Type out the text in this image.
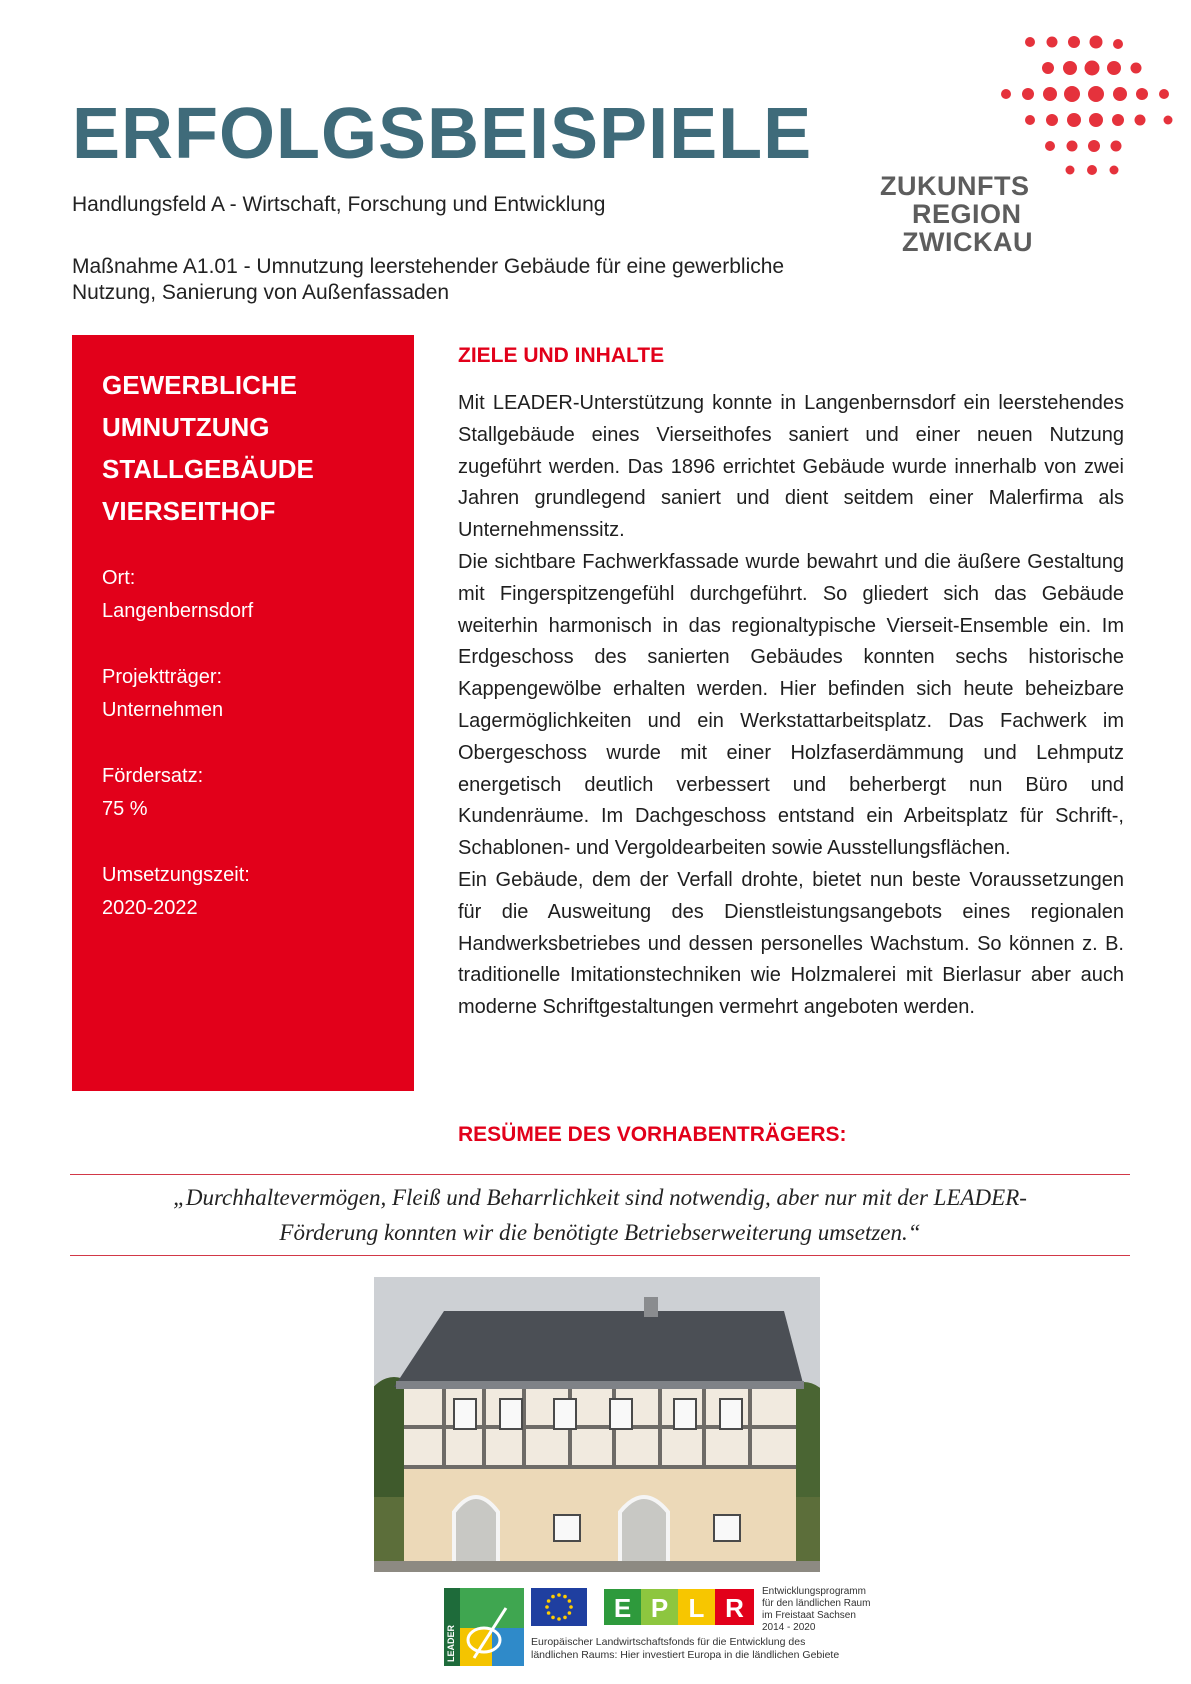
ERFOLGSBEISPIELE
Handlungsfeld A - Wirtschaft, Forschung und Entwicklung
Maßnahme A1.01 - Umnutzung leerstehender Gebäude für eine gewerbliche
Nutzung, Sanierung von Außenfassaden
ZUKUNFTS
REGION
ZWICKAU
GEWERBLICHE
UMNUTZUNG
STALLGEBÄUDE
VIERSEITHOF
Ort:
Langenbernsdorf
Projektträger:
Unternehmen
Fördersatz:
75 %
Umsetzungszeit:
2020-2022
ZIELE UND INHALTE

Mit LEADER-Unterstützung konnte in Langenbernsdorf ein leerstehendes Stallgebäude eines Vierseithofes saniert und einer neuen Nutzung zugeführt werden. Das 1896 errichtet Gebäude wurde innerhalb von zwei Jahren grundlegend saniert und dient seitdem einer Malerfirma als Unternehmenssitz.

Die sichtbare Fachwerkfassade wurde bewahrt und die äußere Gestaltung mit Fingerspitzengefühl durchgeführt. So gliedert sich das Gebäude weiterhin harmonisch in das regionaltypische Vierseit-Ensemble ein. Im Erdgeschoss des sanierten Gebäudes konnten sechs historische Kappengewölbe erhalten werden. Hier befinden sich heute beheizbare Lagermöglichkeiten und ein Werkstattarbeitsplatz. Das Fachwerk im Obergeschoss wurde mit einer Holzfaserdämmung und Lehmputz energetisch deutlich verbessert und beherbergt nun Büro und Kundenräume. Im Dachgeschoss entstand ein Arbeitsplatz für Schrift-, Schablonen- und Vergoldearbeiten sowie Ausstellungsflächen.

Ein Gebäude, dem der Verfall drohte, bietet nun beste Voraussetzungen für die Ausweitung des Dienstleistungsangebots eines regionalen Handwerksbetriebes und dessen personelles Wachstum. So können z. B. traditionelle Imitationstechniken wie Holzmalerei mit Bierlasur aber auch moderne Schriftgestaltungen vermehrt angeboten werden.

RESÜMEE DES VORHABENTRÄGERS:
„Durchhaltevermögen, Fleiß und Beharrlichkeit sind notwendig, aber nur mit der LEADER-
Förderung konnten wir die benötigte Betriebserweiterung umsetzen.“
LEADER
E P L R
Entwicklungsprogramm
für den ländlichen Raum
im Freistaat Sachsen
2014 - 2020
Europäischer Landwirtschaftsfonds für die Entwicklung des
ländlichen Raums: Hier investiert Europa in die ländlichen Gebiete
